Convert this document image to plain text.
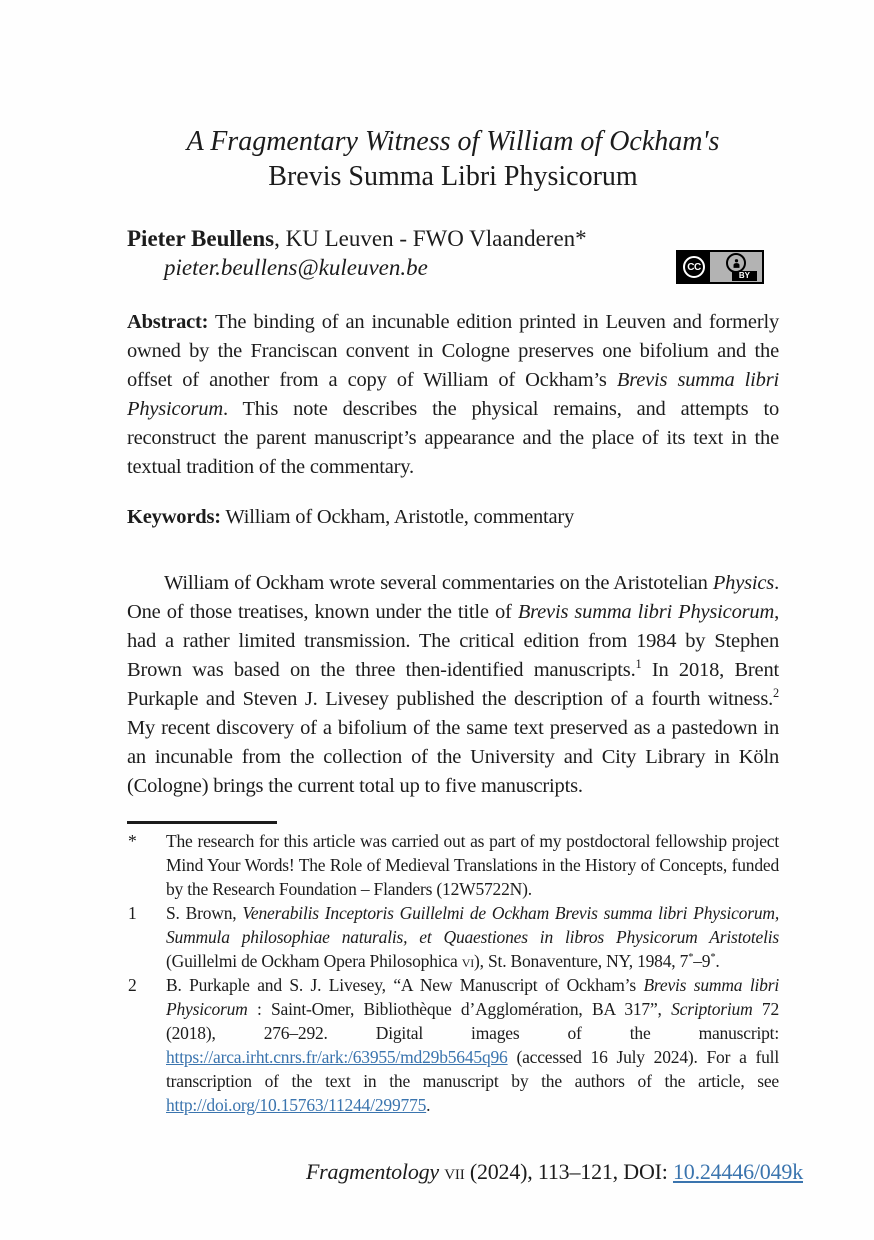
A Fragmentary Witness of William of Ockham's
Brevis Summa Libri Physicorum
Pieter Beullens, KU Leuven - FWO Vlaanderen*
pieter.beullens@kuleuven.be

Abstract: The binding of an incunable edition printed in Leuven and formerly owned by the Franciscan convent in Cologne preserves one bifolium and the offset of another from a copy of William of Ockham’s Brevis summa libri Physicorum. This note describes the physical remains, and attempts to reconstruct the parent manuscript’s appearance and the place of its text in the textual tradition of the commentary.

Keywords: William of Ockham, Aristotle, commentary

William of Ockham wrote several commentaries on the Aristotelian Physics. One of those treatises, known under the title of Brevis summa libri Physicorum, had a rather limited transmission. The critical edition from 1984 by Stephen Brown was based on the three then-identified manuscripts.$^1$ In 2018, Brent Purkaple and Steven J. Livesey published the description of a fourth witness.$^2$ My recent discovery of a bifolium of the same text preserved as a pastedown in an incunable from the collection of the University and City Library in Köln (Cologne) brings the current total up to five manuscripts.

* The research for this article was carried out as part of my postdoctoral fellowship project Mind Your Words! The Role of Medieval Translations in the History of Concepts, funded by the Research Foundation – Flanders (12W5722N).
1 S. Brown, Venerabilis Inceptoris Guillelmi de Ockham Brevis summa libri Physicorum, Summula philosophiae naturalis, et Quaestiones in libros Physicorum Aristotelis (Guillelmi de Ockham Opera Philosophica vi), St. Bonaventure, NY, 1984, 7*–9*.
2 B. Purkaple and S. J. Livesey, “A New Manuscript of Ockham’s Brevis summa libri Physicorum : Saint-Omer, Bibliothèque d’Agglomération, BA 317”, Scriptorium 72 (2018), 276–292. Digital images of the manuscript: https://arca.irht.cnrs.fr/ark:/63955/md29b5645q96 (accessed 16 July 2024). For a full transcription of the text in the manuscript by the authors of the article, see http://doi.org/10.15763/11244/299775.
CC
BY
Fragmentology vii (2024), 113–121, DOI: 10.24446/049k
